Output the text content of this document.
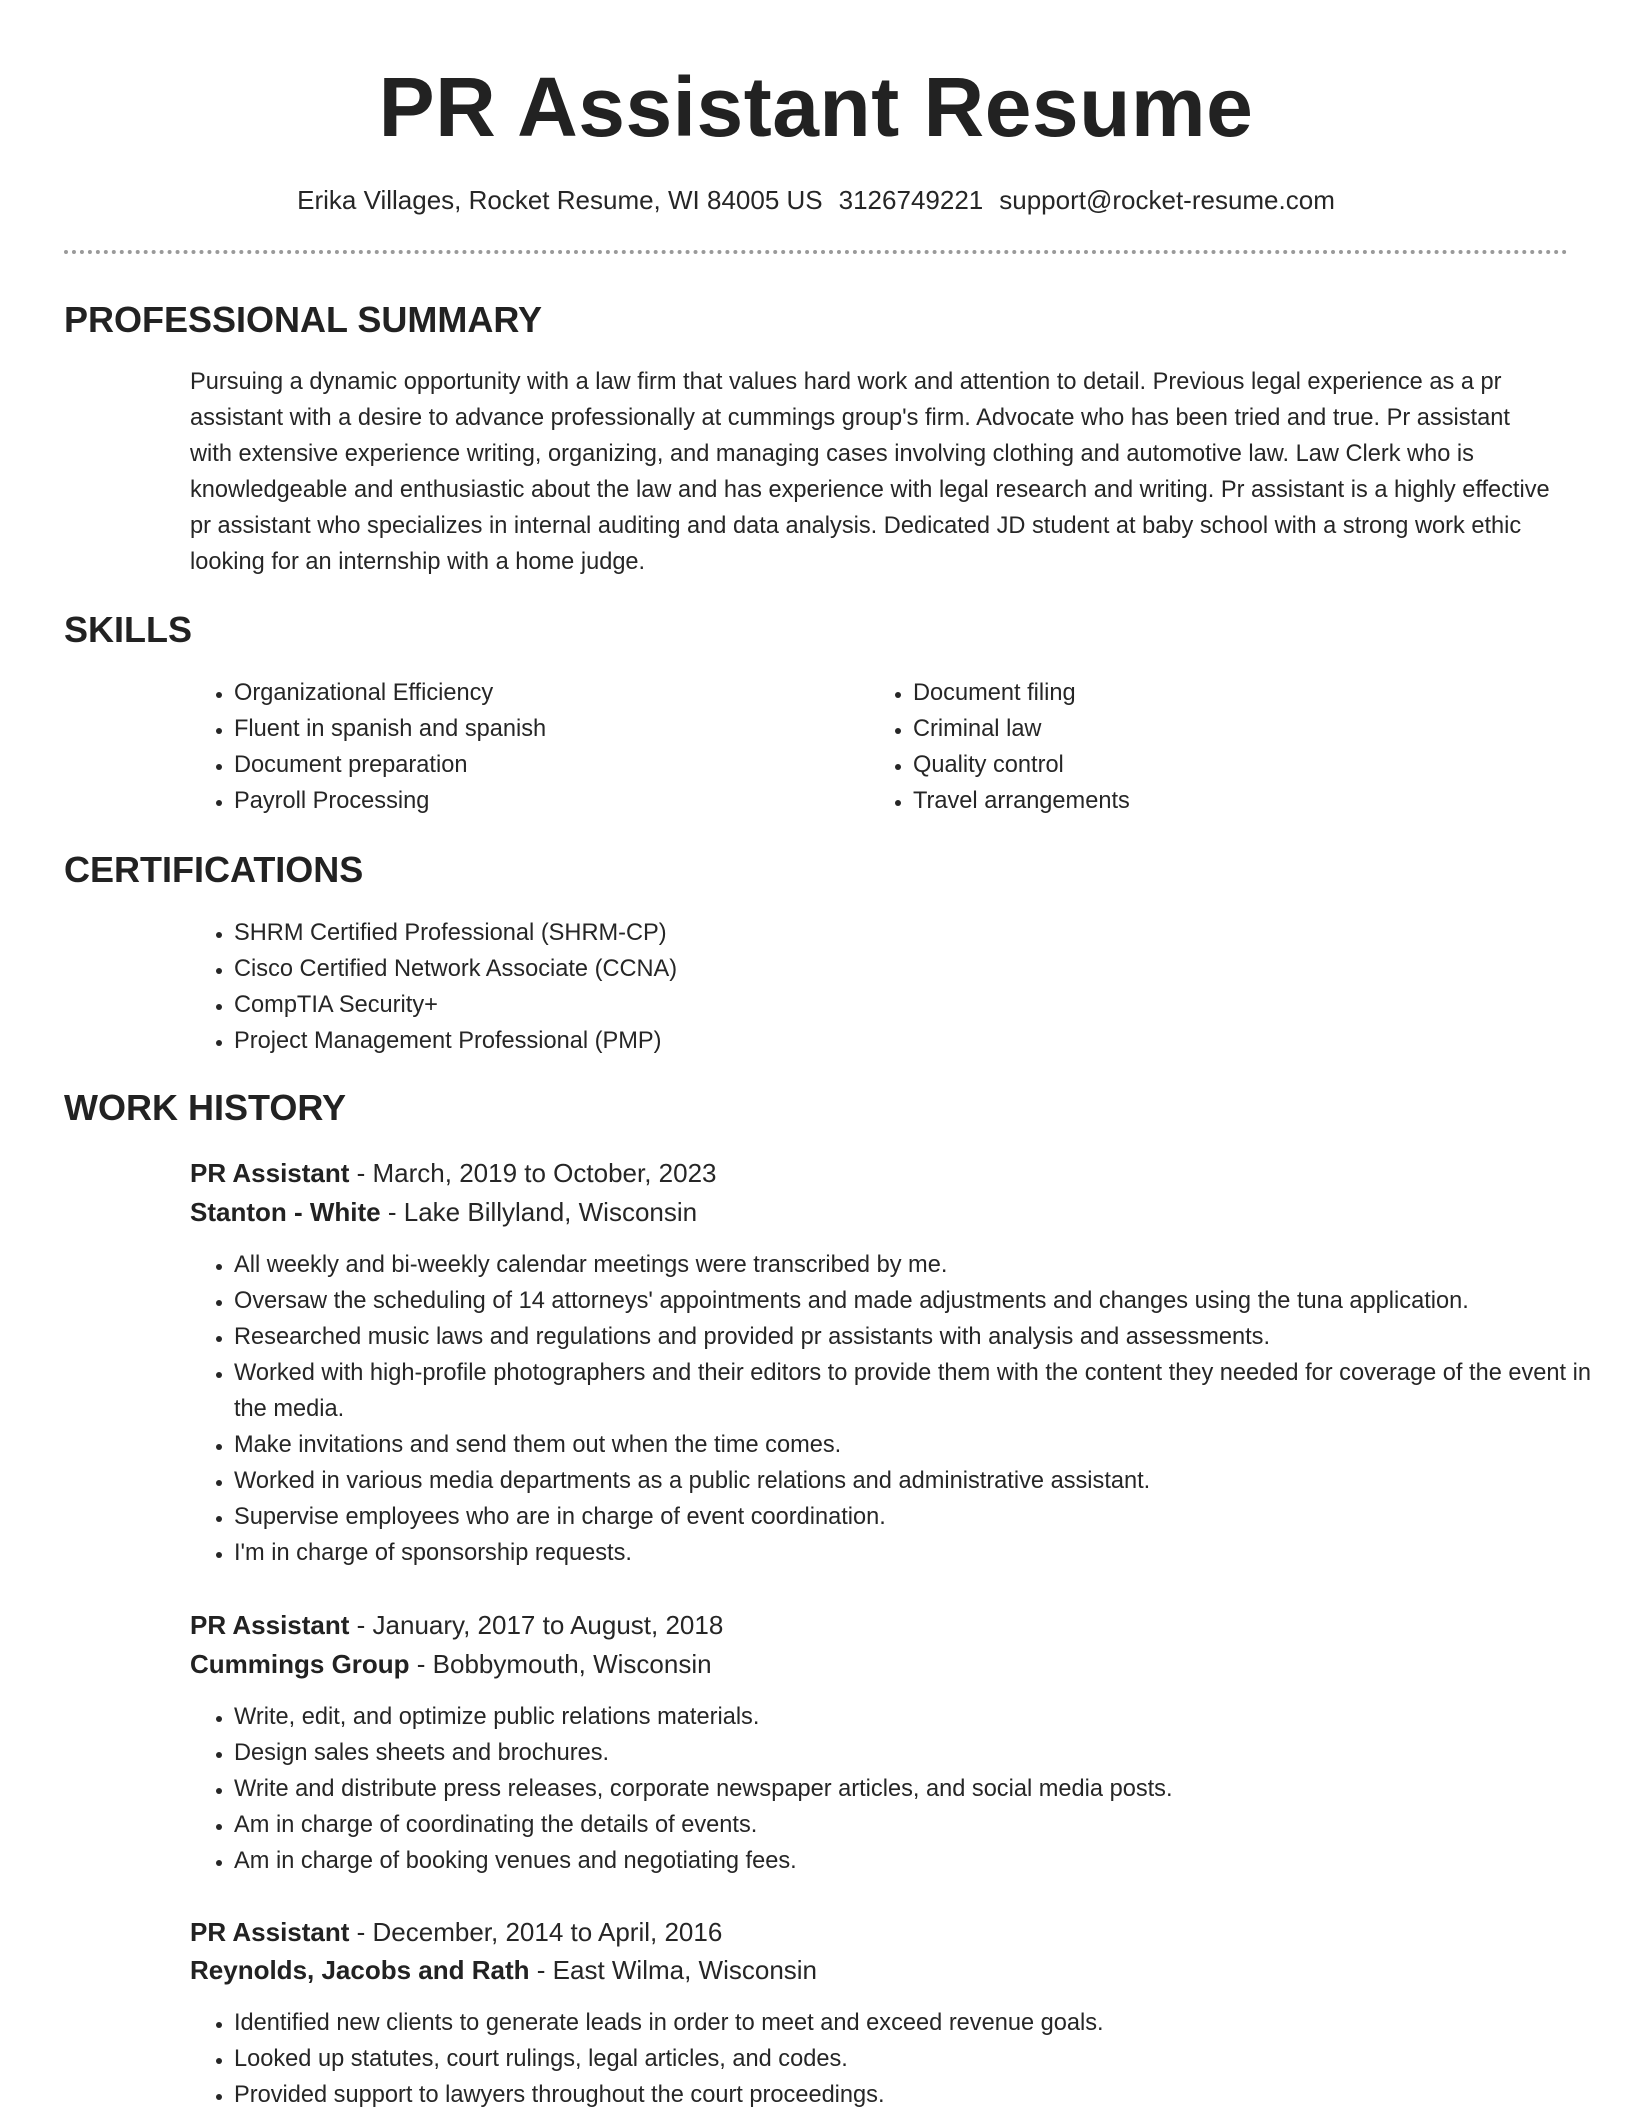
PR Assistant Resume
Erika Villages, Rocket Resume, WI 84005 US 3126749221 support@rocket-resume.com
PROFESSIONAL SUMMARY

Pursuing a dynamic opportunity with a law firm that values hard work and attention to detail. Previous legal experience as a pr assistant with a desire to advance professionally at cummings group's firm. Advocate who has been tried and true. Pr assistant with extensive experience writing, organizing, and managing cases involving clothing and automotive law. Law Clerk who is knowledgeable and enthusiastic about the law and has experience with legal research and writing. Pr assistant is a highly effective pr assistant who specializes in internal auditing and data analysis. Dedicated JD student at baby school with a strong work ethic looking for an internship with a home judge.

SKILLS
• Organizational Efficiency
• Fluent in spanish and spanish
• Document preparation
• Payroll Processing
• Document filing
• Criminal law
• Quality control
• Travel arrangements
CERTIFICATIONS
• SHRM Certified Professional (SHRM-CP)
• Cisco Certified Network Associate (CCNA)
• CompTIA Security+
• Project Management Professional (PMP)
WORK HISTORY
PR Assistant - March, 2019 to October, 2023
Stanton - White - Lake Billyland, Wisconsin
• All weekly and bi-weekly calendar meetings were transcribed by me.
• Oversaw the scheduling of 14 attorneys' appointments and made adjustments and changes using the tuna application.
• Researched music laws and regulations and provided pr assistants with analysis and assessments.
• Worked with high-profile photographers and their editors to provide them with the content they needed for coverage of the event in the media.
• Make invitations and send them out when the time comes.
• Worked in various media departments as a public relations and administrative assistant.
• Supervise employees who are in charge of event coordination.
• I'm in charge of sponsorship requests.
PR Assistant - January, 2017 to August, 2018
Cummings Group - Bobbymouth, Wisconsin
• Write, edit, and optimize public relations materials.
• Design sales sheets and brochures.
• Write and distribute press releases, corporate newspaper articles, and social media posts.
• Am in charge of coordinating the details of events.
• Am in charge of booking venues and negotiating fees.
PR Assistant - December, 2014 to April, 2016
Reynolds, Jacobs and Rath - East Wilma, Wisconsin
• Identified new clients to generate leads in order to meet and exceed revenue goals.
• Looked up statutes, court rulings, legal articles, and codes.
• Provided support to lawyers throughout the court proceedings.
